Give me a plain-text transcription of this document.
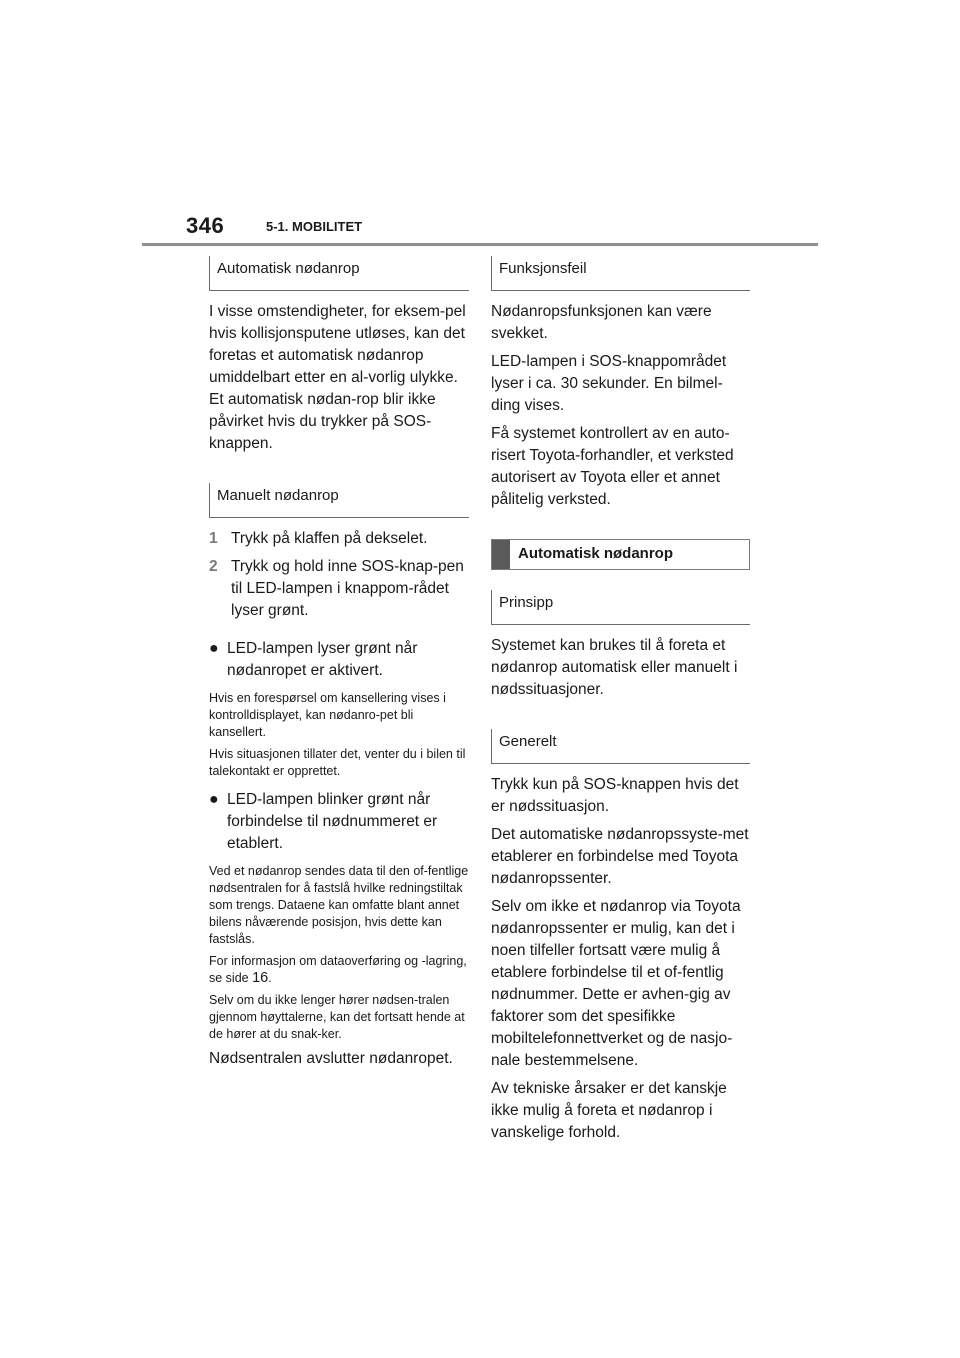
346	5-1. MOBILITET
Automatisk nødanrop

I visse omstendigheter, for eksem-pel hvis kollisjonsputene utløses, kan det foretas et automatisk nødanrop umiddelbart etter en al-vorlig ulykke. Et automatisk nødan-rop blir ikke påvirket hvis du trykker på SOS-knappen.

Manuelt nødanrop
1 Trykk på klaffen på dekselet.
2 Trykk og hold inne SOS-knap-pen til LED-lampen i knappom-rådet lyser grønt.
● LED-lampen lyser grønt når nødanropet er aktivert.

Hvis en forespørsel om kansellering vises i kontrolldisplayet, kan nødanro-pet bli kansellert.

Hvis situasjonen tillater det, venter du i bilen til talekontakt er opprettet.

● LED-lampen blinker grønt når forbindelse til nødnummeret er etablert.

Ved et nødanrop sendes data til den of-fentlige nødsentralen for å fastslå hvilke redningstiltak som trengs. Dataene kan omfatte blant annet bilens nåværende posisjon, hvis dette kan fastslås.

For informasjon om dataoverføring og -lagring, se side 16.

Selv om du ikke lenger hører nødsen-tralen gjennom høyttalerne, kan det fortsatt hende at de hører at du snak-ker.

Nødsentralen avslutter nødanropet.

Funksjonsfeil

Nødanropsfunksjonen kan være svekket.

LED-lampen i SOS-knappområdet lyser i ca. 30 sekunder. En bilmel-ding vises.

Få systemet kontrollert av en auto-risert Toyota-forhandler, et verksted autorisert av Toyota eller et annet pålitelig verksted.

Automatisk nødanrop
Prinsipp

Systemet kan brukes til å foreta et nødanrop automatisk eller manuelt i nødssituasjoner.

Generelt

Trykk kun på SOS-knappen hvis det er nødssituasjon.

Det automatiske nødanropssyste-met etablerer en forbindelse med Toyota nødanropssenter.

Selv om ikke et nødanrop via Toyota nødanropssenter er mulig, kan det i noen tilfeller fortsatt være mulig å etablere forbindelse til et of-fentlig nødnummer. Dette er avhen-gig av faktorer som det spesifikke mobiltelefonnettverket og de nasjo-nale bestemmelsene.

Av tekniske årsaker er det kanskje ikke mulig å foreta et nødanrop i vanskelige forhold.
